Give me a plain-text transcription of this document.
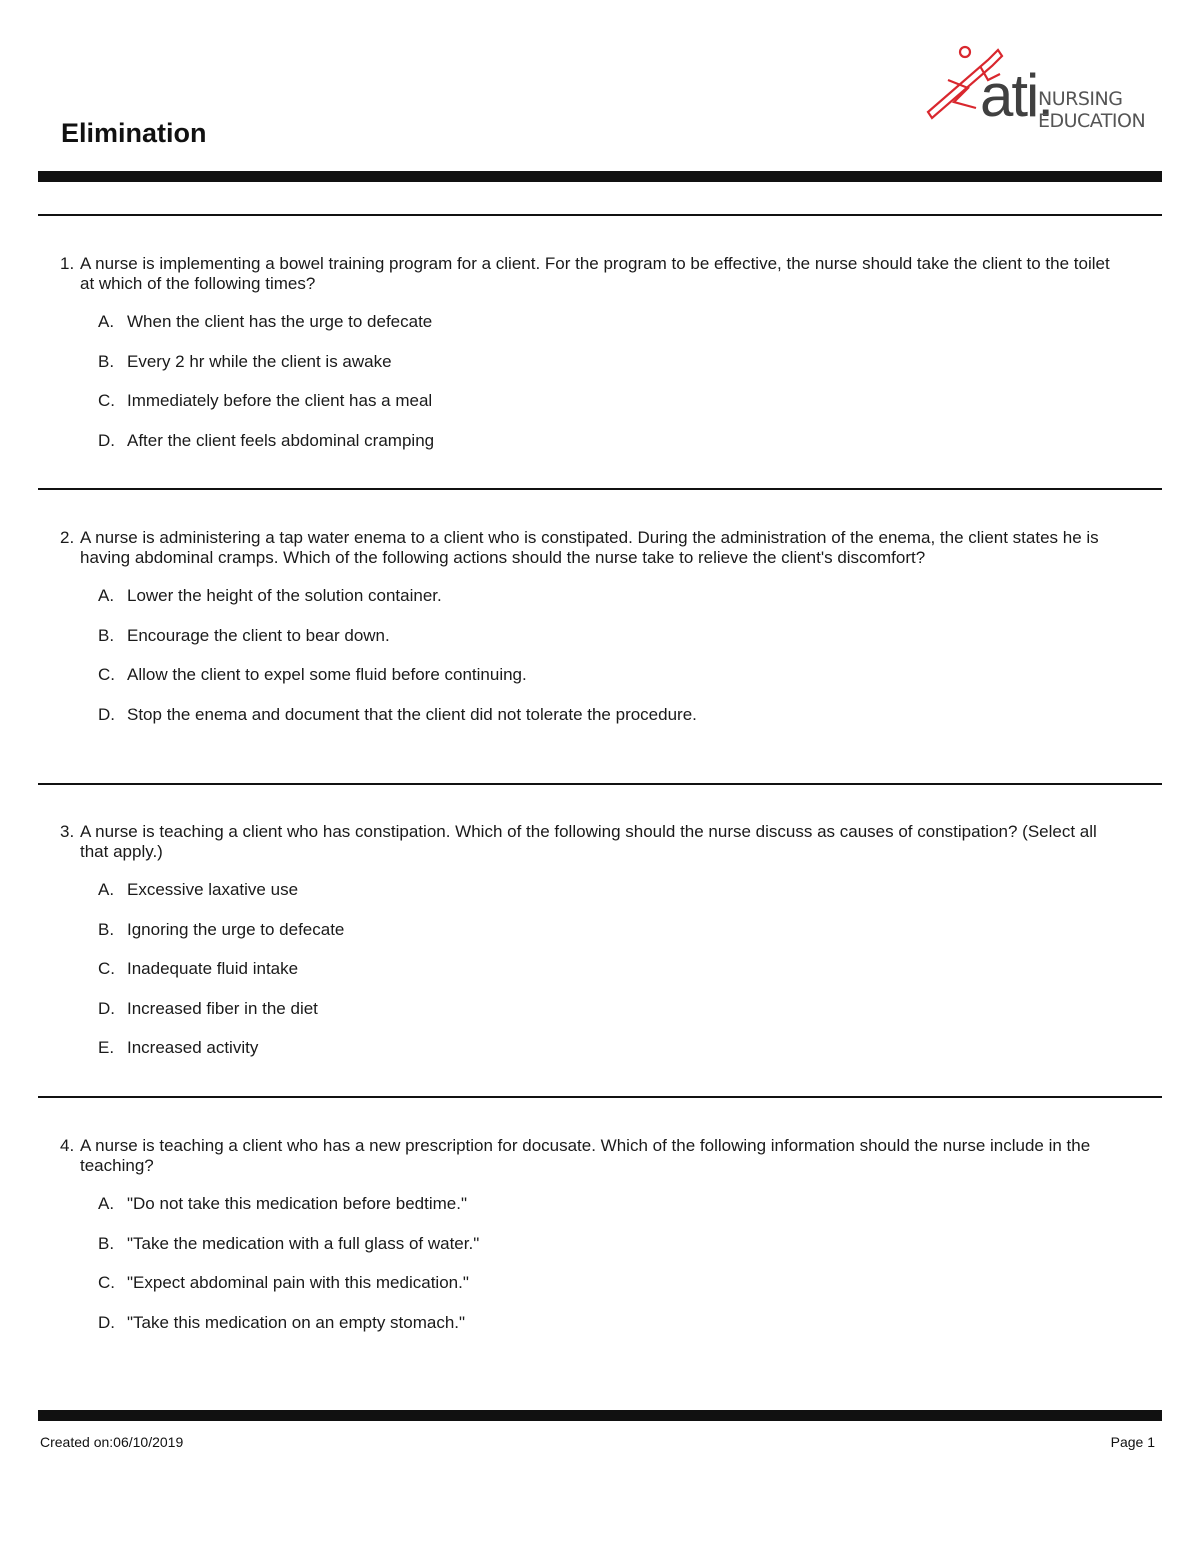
Elimination
ati.
NURSING
EDUCATION
1. A nurse is implementing a bowel training program for a client. For the program to be effective, the nurse should take the client to the toilet at which of the following times?
A. When the client has the urge to defecate
B. Every 2 hr while the client is awake
C. Immediately before the client has a meal
D. After the client feels abdominal cramping
2. A nurse is administering a tap water enema to a client who is constipated. During the administration of the enema, the client states he is having abdominal cramps. Which of the following actions should the nurse take to relieve the client's discomfort?
A. Lower the height of the solution container.
B. Encourage the client to bear down.
C. Allow the client to expel some fluid before continuing.
D. Stop the enema and document that the client did not tolerate the procedure.
3. A nurse is teaching a client who has constipation. Which of the following should the nurse discuss as causes of constipation? (Select all that apply.)
A. Excessive laxative use
B. Ignoring the urge to defecate
C. Inadequate fluid intake
D. Increased fiber in the diet
E. Increased activity
4. A nurse is teaching a client who has a new prescription for docusate. Which of the following information should the nurse include in the teaching?
A. "Do not take this medication before bedtime."
B. "Take the medication with a full glass of water."
C. "Expect abdominal pain with this medication."
D. "Take this medication on an empty stomach."
Created on:06/10/2019	Page 1
